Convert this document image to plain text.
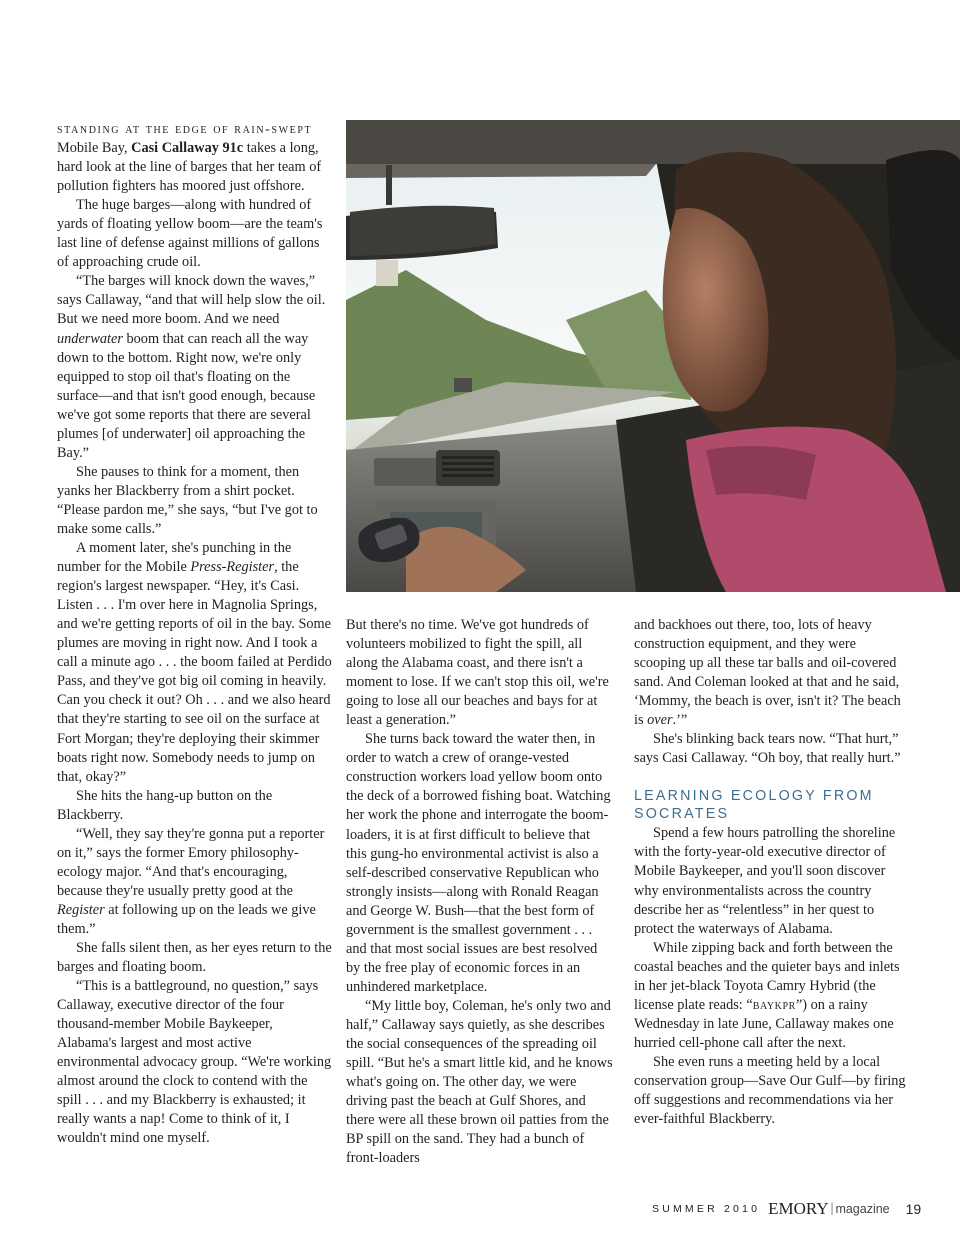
standing at the edge of rain-swept
Mobile Bay, Casi Callaway 91c takes a long, hard look at the line of barges that her team of pollution fighters has moored just offshore.

The huge barges—along with hundred of yards of floating yellow boom—are the team's last line of defense against millions of gallons of approaching crude oil.

“The barges will knock down the waves,” says Callaway, “and that will help slow the oil. But we need more boom. And we need underwater boom that can reach all the way down to the bottom. Right now, we're only equipped to stop oil that's floating on the surface—and that isn't good enough, because we've got some reports that there are several plumes [of underwater] oil approaching the Bay.”

She pauses to think for a moment, then yanks her Blackberry from a shirt pocket. “Please pardon me,” she says, “but I've got to make some calls.”

A moment later, she's punching in the number for the Mobile Press-Register, the region's largest newspaper. “Hey, it's Casi. Listen . . . I'm over here in Magnolia Springs, and we're getting reports of oil in the bay. Some plumes are moving in right now. And I took a call a minute ago . . . the boom failed at Perdido Pass, and they've got big oil coming in heavily. Can you check it out? Oh . . . and we also heard that they're starting to see oil on the surface at Fort Morgan; they're deploying their skimmer boats right now. Somebody needs to jump on that, okay?”

She hits the hang-up button on the Blackberry.

“Well, they say they're gonna put a reporter on it,” says the former Emory philosophy-ecology major. “And that's encouraging, because they're usually pretty good at the Register at following up on the leads we give them.”

She falls silent then, as her eyes return to the barges and floating boom.

“This is a battleground, no question,” says Callaway, executive director of the four thousand-member Mobile Baykeeper, Alabama's largest and most active environmental advocacy group. “We're working almost around the clock to contend with the spill . . . and my Blackberry is exhausted; it really wants a nap! Come to think of it, I wouldn't mind one myself.

But there's no time. We've got hundreds of volunteers mobilized to fight the spill, all along the Alabama coast, and there isn't a moment to lose. If we can't stop this oil, we're going to lose all our beaches and bays for at least a generation.”

She turns back toward the water then, in order to watch a crew of orange-vested construction workers load yellow boom onto the deck of a borrowed fishing boat. Watching her work the phone and interrogate the boom-loaders, it is at first difficult to believe that this gung-ho environmental activist is also a self-described conservative Republican who strongly insists—along with Ronald Reagan and George W. Bush—that the best form of government is the smallest government . . . and that most social issues are best resolved by the free play of economic forces in an unhindered marketplace.

“My little boy, Coleman, he's only two and half,” Callaway says quietly, as she describes the social consequences of the spreading oil spill. “But he's a smart little kid, and he knows what's going on. The other day, we were driving past the beach at Gulf Shores, and there were all these brown oil patties from the BP spill on the sand. They had a bunch of front-loaders

and backhoes out there, too, lots of heavy construction equipment, and they were scooping up all these tar balls and oil-covered sand. And Coleman looked at that and he said, ‘Mommy, the beach is over, isn't it? The beach is over.’”

She's blinking back tears now. “That hurt,” says Casi Callaway. “Oh boy, that really hurt.”

LEARNING ECOLOGY FROM SOCRATES

Spend a few hours patrolling the shoreline with the forty-year-old executive director of Mobile Baykeeper, and you'll soon discover why environmentalists across the country describe her as “relentless” in her quest to protect the waterways of Alabama.

While zipping back and forth between the coastal beaches and the quieter bays and inlets in her jet-black Toyota Camry Hybrid (the license plate reads: “baykpr”) on a rainy Wednesday in late June, Callaway makes one hurried cell-phone call after the next.

She even runs a meeting held by a local conservation group—Save Our Gulf—by firing off suggestions and recommendations via her ever-faithful Blackberry.

SUMMER 2010 EMORY | magazine 19
